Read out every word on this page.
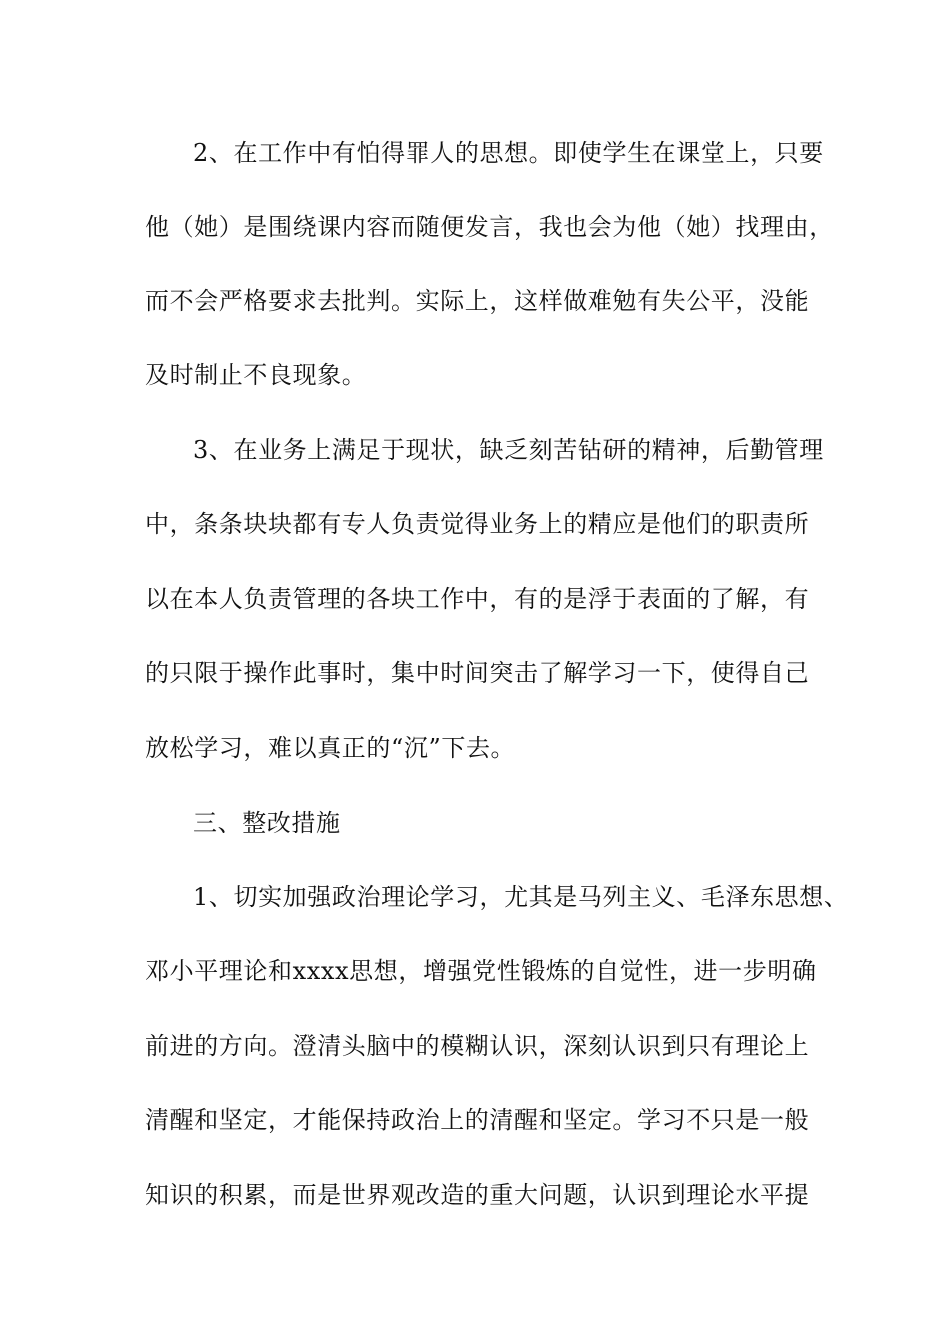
2、在工作中有怕得罪人的思想。即使学生在课堂上，只要
他（她）是围绕课内容而随便发言，我也会为他（她）找理由，
而不会严格要求去批判。实际上，这样做难勉有失公平，没能
及时制止不良现象。
3、在业务上满足于现状，缺乏刻苦钻研的精神，后勤管理
中，条条块块都有专人负责觉得业务上的精应是他们的职责所
以在本人负责管理的各块工作中，有的是浮于表面的了解，有
的只限于操作此事时，集中时间突击了解学习一下，使得自己
放松学习，难以真正的“沉”下去。
三、整改措施
1、切实加强政治理论学习，尤其是马列主义、毛泽东思想、
邓小平理论和xxxx思想，增强党性锻炼的自觉性，进一步明确
前进的方向。澄清头脑中的模糊认识，深刻认识到只有理论上
清醒和坚定，才能保持政治上的清醒和坚定。学习不只是一般
知识的积累，而是世界观改造的重大问题，认识到理论水平提
